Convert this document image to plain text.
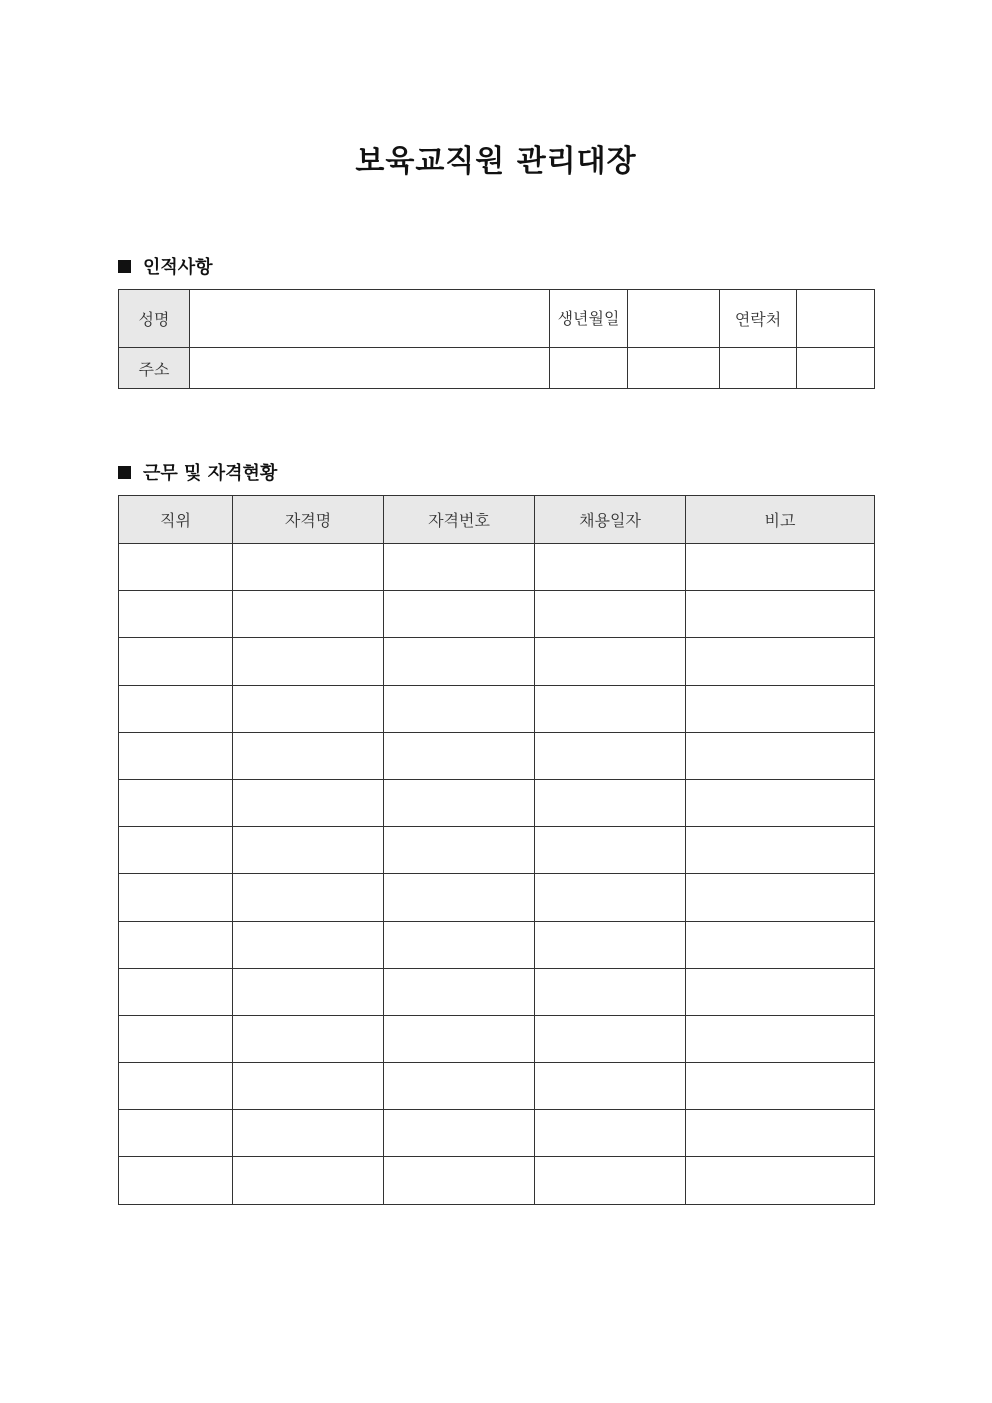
보육교직원 관리대장
인적사항
성명		생년월일		연락처	
주소					
근무 및 자격현황
직위	자격명	자격번호	채용일자	비고
